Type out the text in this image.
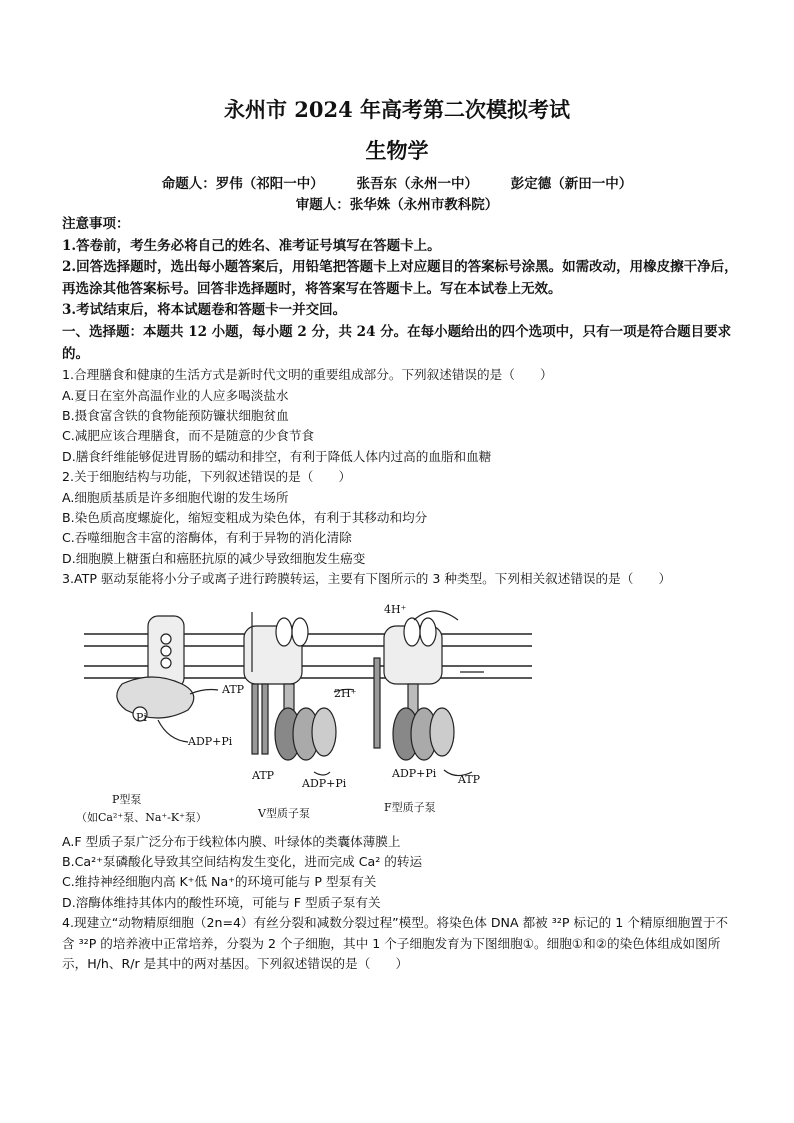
永州市 2024 年高考第二次模拟考试
生物学
命题人：罗伟（祁阳一中） 张吾东（永州一中） 彭定德（新田一中）
审题人：张华姝（永州市教科院）

注意事项：

1.答卷前，考生务必将自己的姓名、准考证号填写在答题卡上。

2.回答选择题时，选出每小题答案后，用铅笔把答题卡上对应题目的答案标号涂黑。如需改动，用橡皮擦干净后，再选涂其他答案标号。回答非选择题时，将答案写在答题卡上。写在本试卷上无效。

3.考试结束后，将本试题卷和答题卡一并交回。

一、选择题：本题共 12 小题，每小题 2 分，共 24 分。在每小题给出的四个选项中，只有一项是符合题目要求的。

1.合理膳食和健康的生活方式是新时代文明的重要组成部分。下列叙述错误的是（　　）

A.夏日在室外高温作业的人应多喝淡盐水

B.摄食富含铁的食物能预防镰状细胞贫血

C.减肥应该合理膳食，而不是随意的少食节食

D.膳食纤维能够促进胃肠的蠕动和排空，有利于降低人体内过高的血脂和血糖

2.关于细胞结构与功能，下列叙述错误的是（　　）

A.细胞质基质是许多细胞代谢的发生场所

B.染色质高度螺旋化，缩短变粗成为染色体，有利于其移动和均分

C.吞噬细胞含丰富的溶酶体，有利于异物的消化清除

D.细胞膜上糖蛋白和癌胚抗原的减少导致细胞发生癌变

3.ATP 驱动泵能将小分子或离子进行跨膜转运，主要有下图所示的 3 种类型。下列相关叙述错误的是（　　）

ATP
Pi
ADP+Pi
2H⁺
ATP
ADP+Pi
4H⁺
ADP+Pi ATP
P型泵
（如Ca²⁺泵、Na⁺-K⁺泵）	V型质子泵	F型质子泵

A.F 型质子泵广泛分布于线粒体内膜、叶绿体的类囊体薄膜上

B.Ca²⁺泵磷酸化导致其空间结构发生变化，进而完成 Ca² 的转运

C.维持神经细胞内高 K⁺低 Na⁺的环境可能与 P 型泵有关

D.溶酶体维持其体内的酸性环境，可能与 F 型质子泵有关

4.现建立“动物精原细胞（2n=4）有丝分裂和减数分裂过程”模型。将染色体 DNA 都被 ³²P 标记的 1 个精原细胞置于不含 ³²P 的培养液中正常培养，分裂为 2 个子细胞，其中 1 个子细胞发育为下图细胞①。细胞①和②的染色体组成如图所示，H/h、R/r 是其中的两对基因。下列叙述错误的是（　　）
